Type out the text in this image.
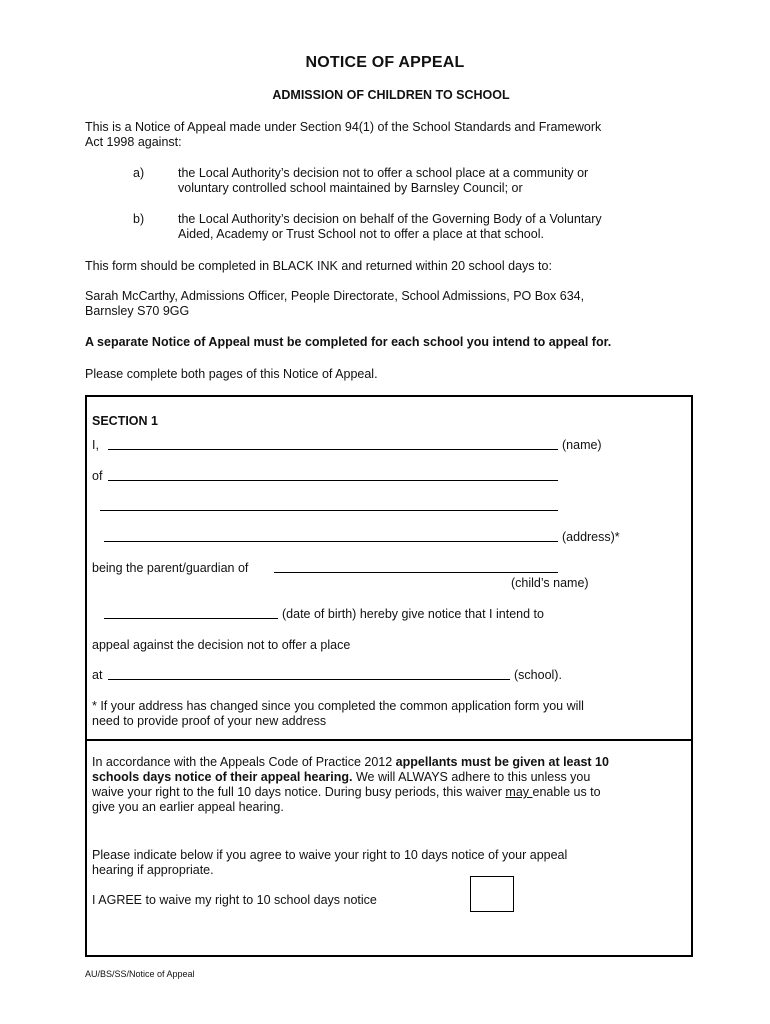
NOTICE OF APPEAL
ADMISSION OF CHILDREN TO SCHOOL
This is a Notice of Appeal made under Section 94(1) of the School Standards and Framework
Act 1998 against:
a)	the Local Authority’s decision not to offer a school place at a community or
voluntary controlled school maintained by Barnsley Council; or
b)	the Local Authority’s decision on behalf of the Governing Body of a Voluntary
Aided, Academy or Trust School not to offer a place at that school.
This form should be completed in BLACK INK and returned within 20 school days to:
Sarah McCarthy, Admissions Officer, People Directorate, School Admissions, PO Box 634,
Barnsley S70 9GG
A separate Notice of Appeal must be completed for each school you intend to appeal for.
Please complete both pages of this Notice of Appeal.
SECTION 1
I,	(name)
of
(address)*
being the parent/guardian of
(child’s name)
(date of birth) hereby give notice that I intend to
appeal against the decision not to offer a place
at	(school).
* If your address has changed since you completed the common application form you will
need to provide proof of your new address
In accordance with the Appeals Code of Practice 2012 appellants must be given at least 10
schools days notice of their appeal hearing. We will ALWAYS adhere to this unless you
waive your right to the full 10 days notice. During busy periods, this waiver may enable us to
give you an earlier appeal hearing.
Please indicate below if you agree to waive your right to 10 days notice of your appeal
hearing if appropriate.
I AGREE to waive my right to 10 school days notice
AU/BS/SS/Notice of Appeal
